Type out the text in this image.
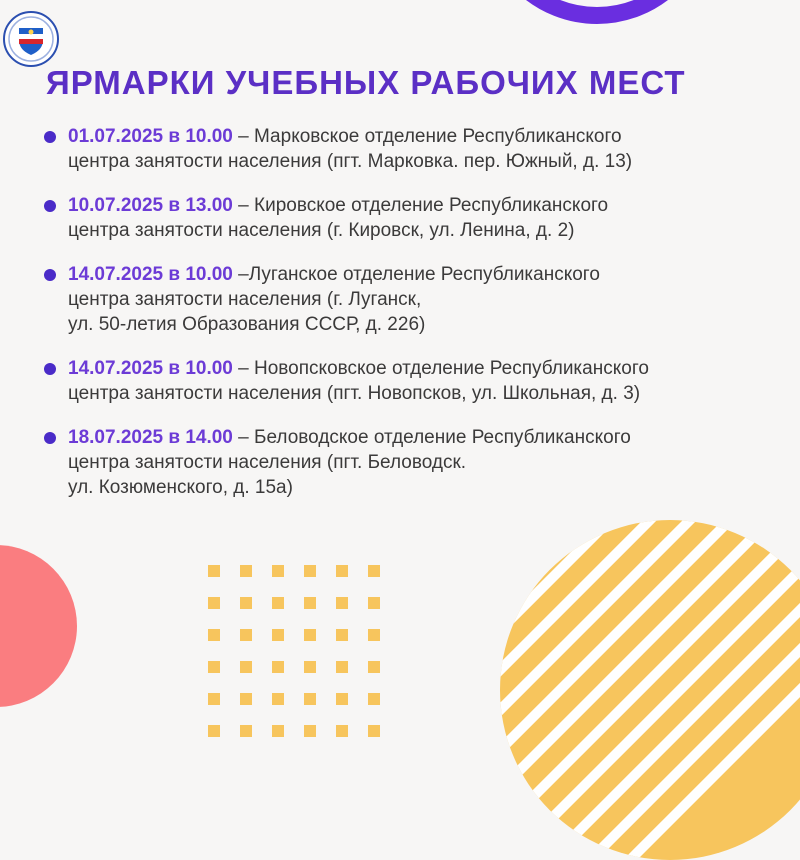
ЯРМАРКИ УЧЕБНЫХ РАБОЧИХ МЕСТ

01.07.2025 в 10.00 – Марковское отделение Республиканского
центра занятости населения (пгт. Марковка. пер. Южный, д. 13)

10.07.2025 в 13.00 – Кировское отделение Республиканского
центра занятости населения (г. Кировск, ул. Ленина, д. 2)

14.07.2025 в 10.00 –Луганское отделение Республиканского
центра занятости населения (г. Луганск,
ул. 50-летия Образования СССР, д. 226)

14.07.2025 в 10.00 – Новопсковское отделение Республиканского
центра занятости населения (пгт. Новопсков, ул. Школьная, д. 3)

18.07.2025 в 14.00 – Беловодское отделение Республиканского
центра занятости населения (пгт. Беловодск.
ул. Козюменского, д. 15а)
